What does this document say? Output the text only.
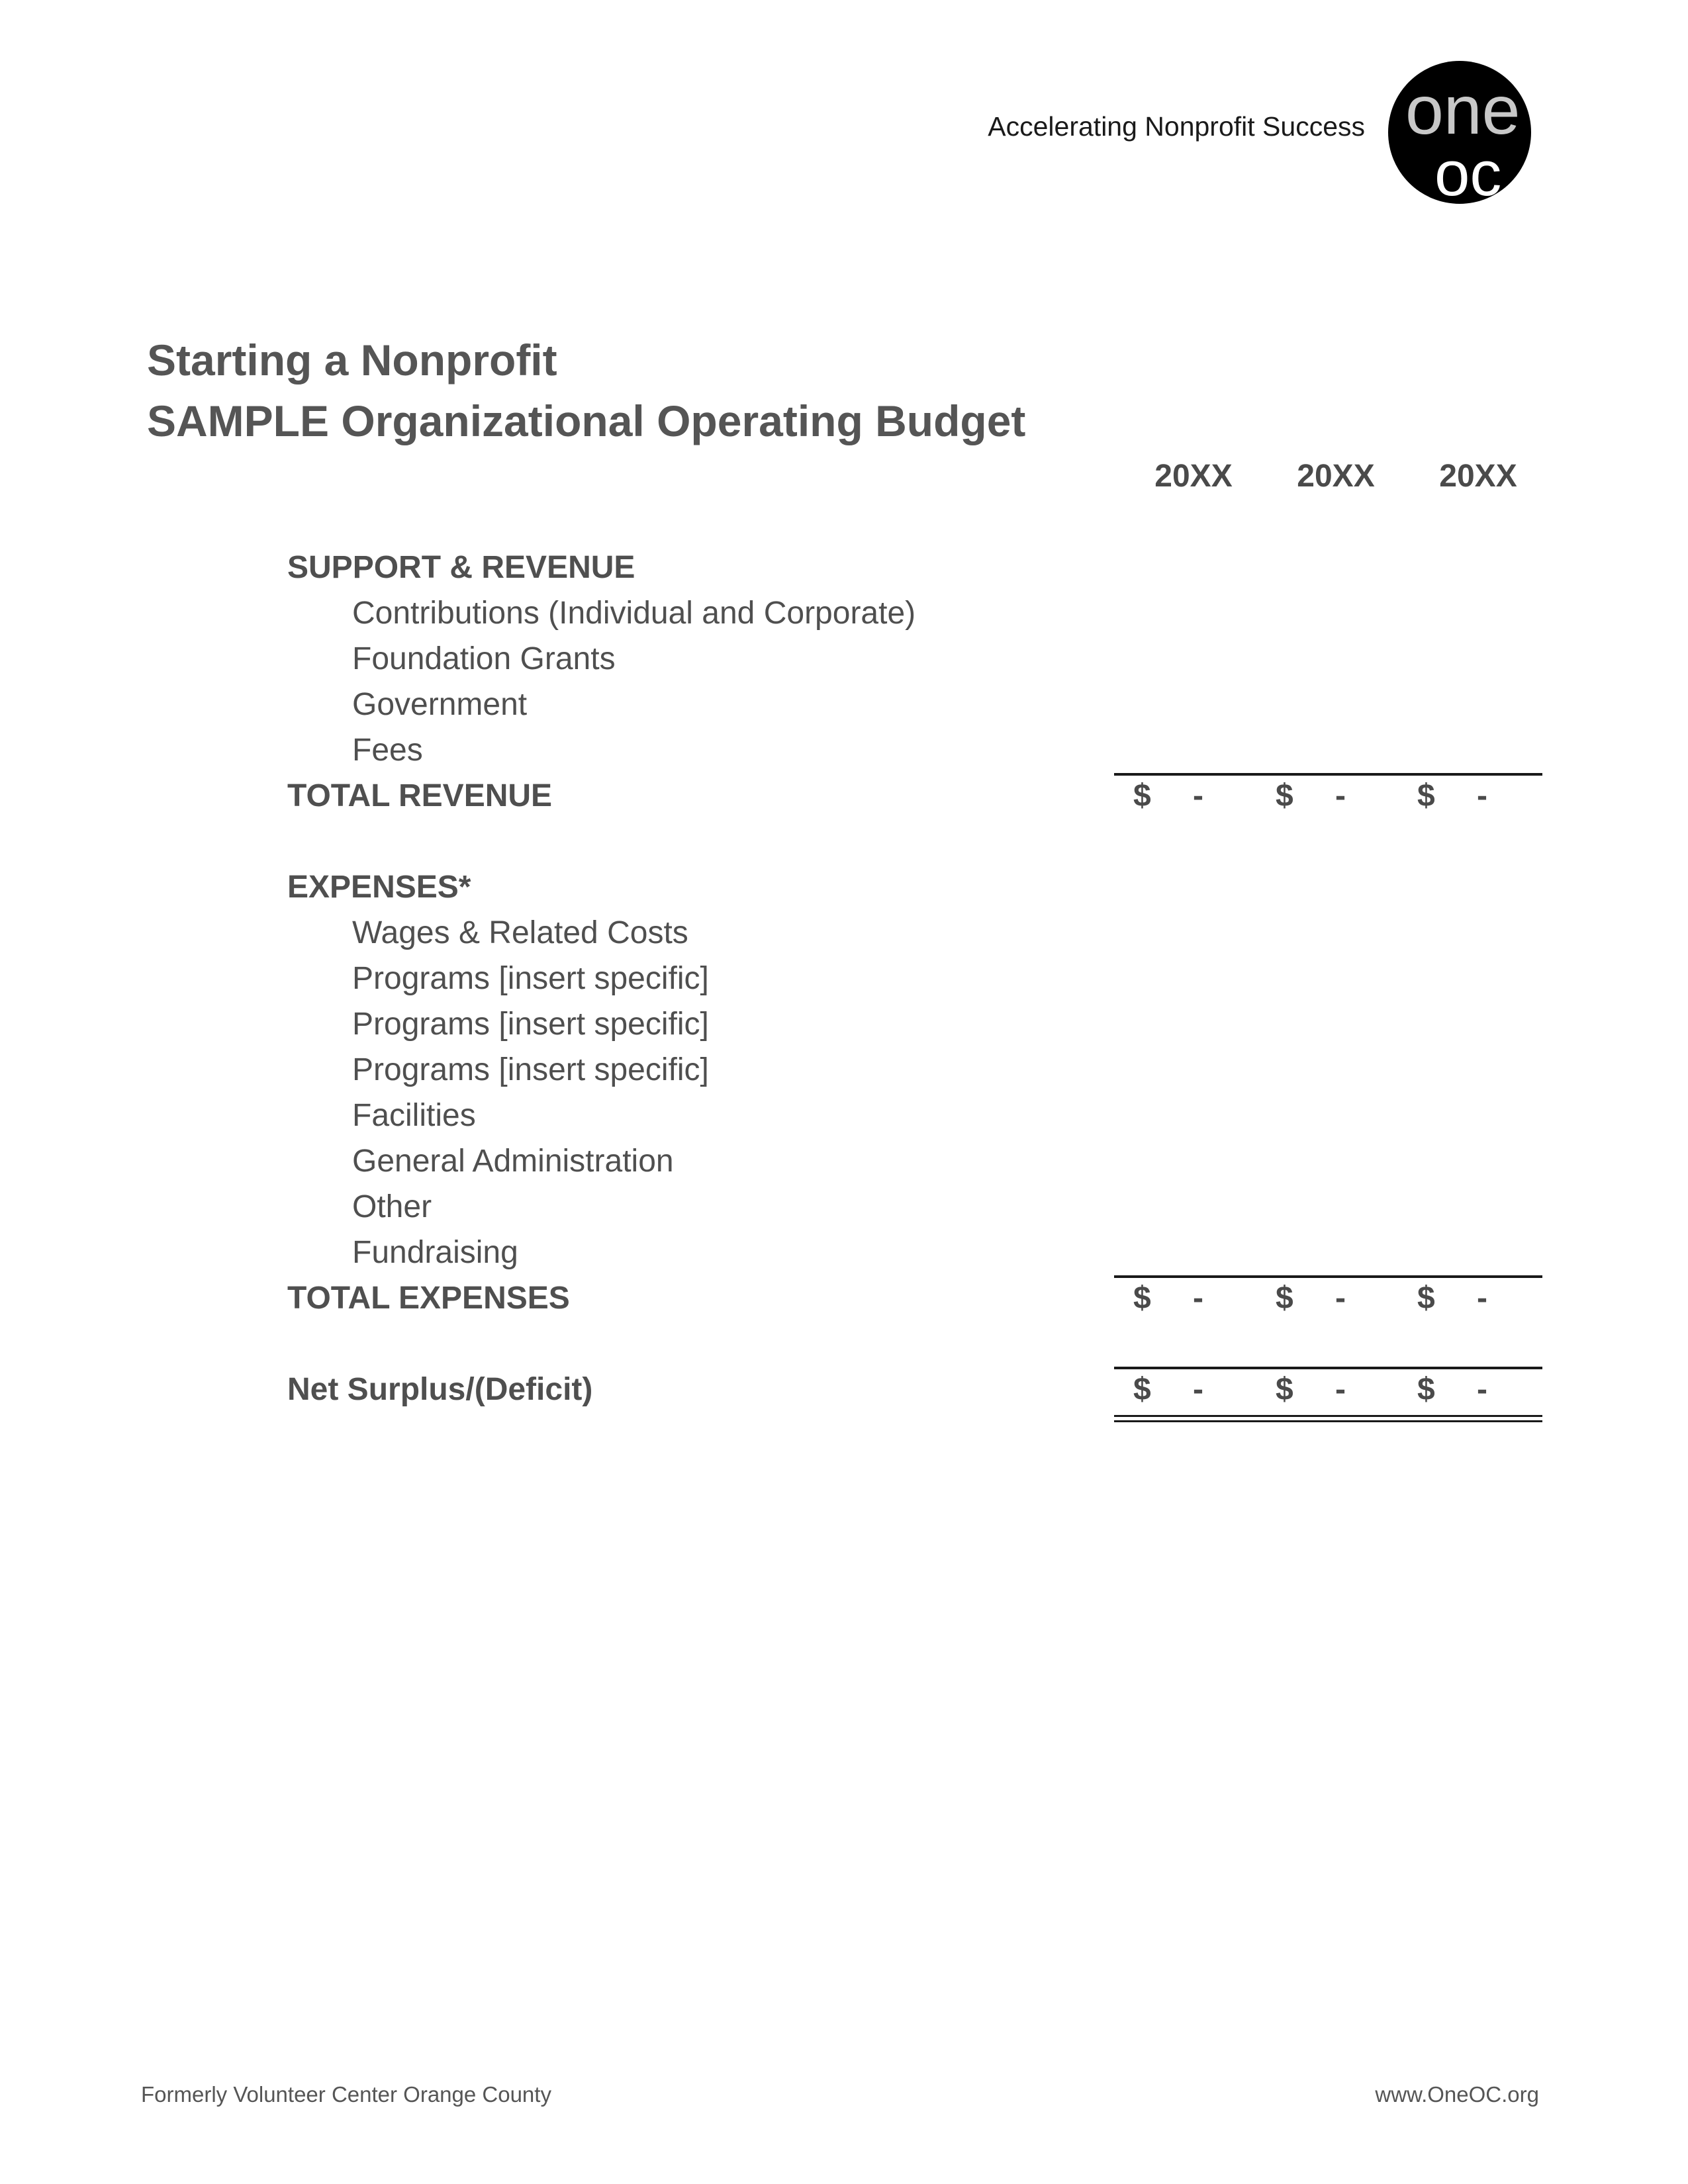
Accelerating Nonprofit Success one
oc
Starting a Nonprofit
SAMPLE Organizational Operating Budget
20XX	20XX	20XX
SUPPORT & REVENUE
Contributions (Individual and Corporate)
Foundation Grants
Government
Fees
TOTAL REVENUE	$ - $ - $ -
EXPENSES*
Wages & Related Costs
Programs [insert specific]
Programs [insert specific]
Programs [insert specific]
Facilities
General Administration
Other
Fundraising
TOTAL EXPENSES	$ - $ - $ -
Net Surplus/(Deficit)	$ - $ - $ -
Formerly Volunteer Center Orange County	www.OneOC.org
